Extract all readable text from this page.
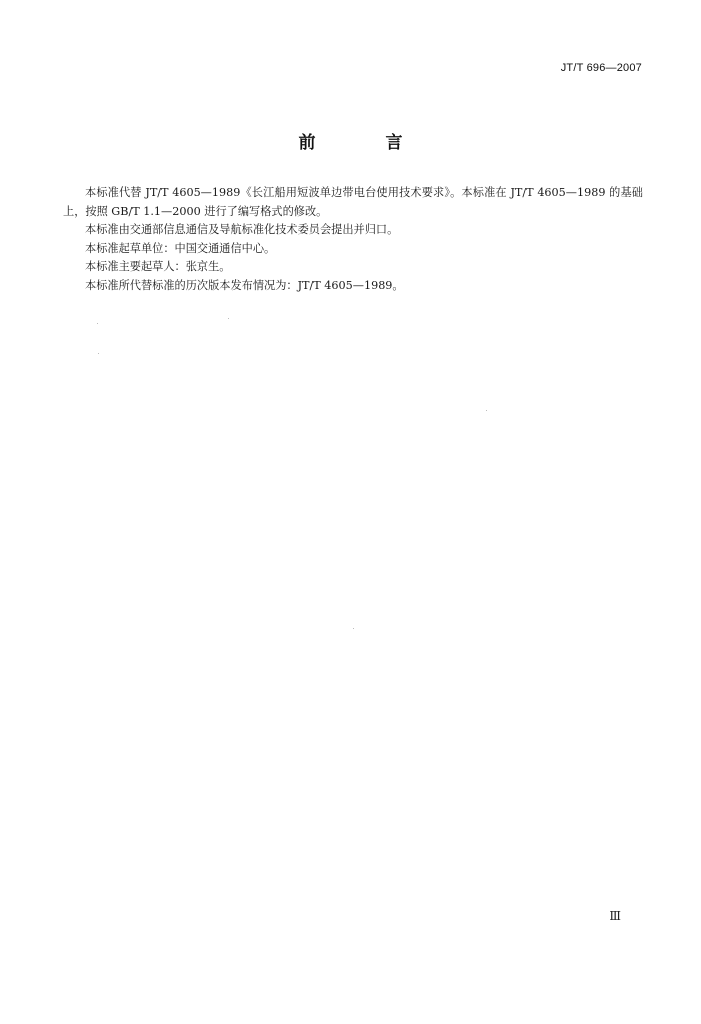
JT/T 696—2007
前 言

本标准代替 JT/T 4605—1989《长江船用短波单边带电台使用技术要求》。本标准在 JT/T 4605—1989 的基础上，按照 GB/T 1.1—2000 进行了编写格式的修改。

本标准由交通部信息通信及导航标准化技术委员会提出并归口。

本标准起草单位：中国交通通信中心。

本标准主要起草人：张京生。

本标准所代替标准的历次版本发布情况为：JT/T 4605—1989。

Ⅲ
